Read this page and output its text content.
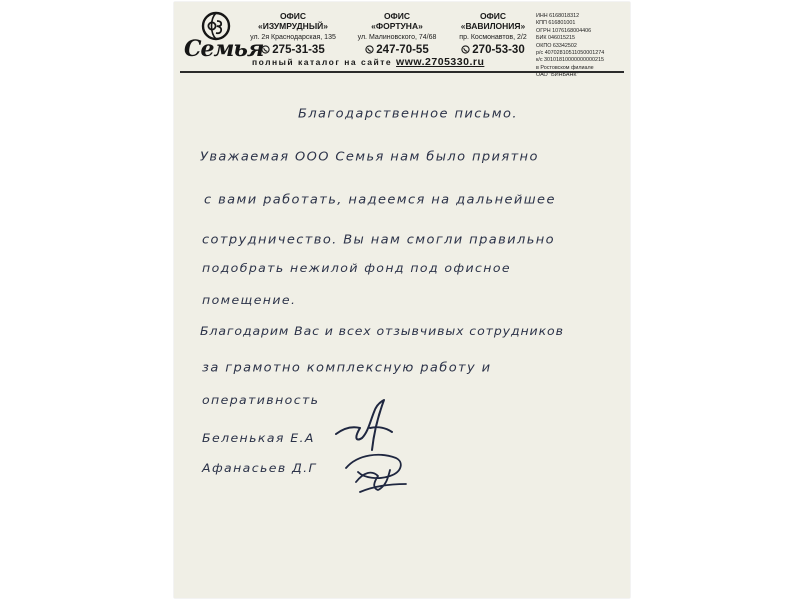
Семья
ОФИС
«ИЗУМРУДНЫЙ»
ул. 2я Краснодарская, 135
275-31-35
ОФИС
«ФОРТУНА»
ул. Малиновского, 74/68
247-70-55
ОФИС
«ВАВИЛОНИЯ»
пр. Космонавтов, 2/2
270-53-30
ИНН 6168018312
КПП 616801001
ОГРН 1076168004406
БИК 046015215
ОКПО 63342502
р/с 40702810511050001274
к/с 30101810000000000215
в Ростовском филиале
ОАО "БИНБАНК"
полный каталог на сайте www.2705330.ru
Благодарственное письмо.
Уважаемая ООО Семья нам было приятно
с вами работать, надеемся на дальнейшее
сотрудничество. Вы нам смогли правильно
подобрать нежилой фонд под офисное
помещение.
Благодарим Вас и всех отзывчивых сотрудников
за грамотно комплексную работу и
оперативность
Беленькая Е.А
Афанасьев Д.Г
